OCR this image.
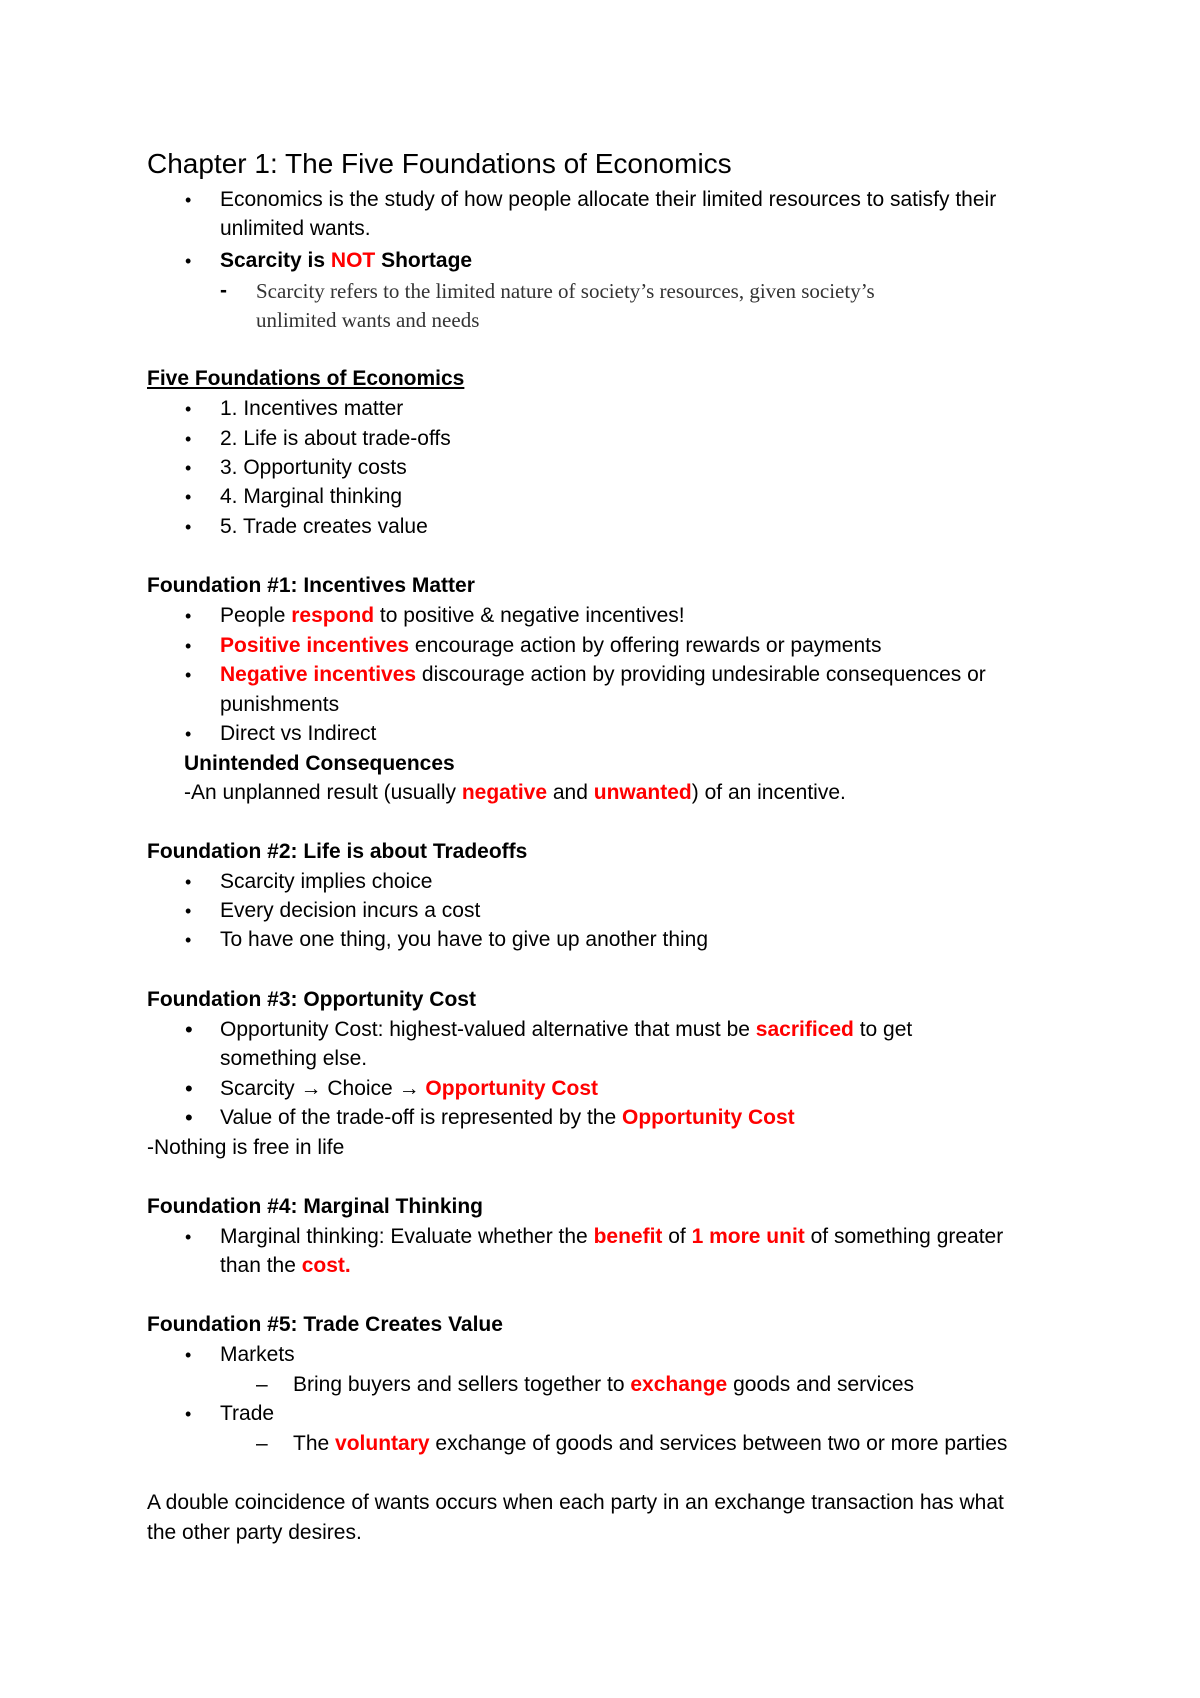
Chapter 1: The Five Foundations of Economics
• Economics is the study of how people allocate their limited resources to satisfy their
unlimited wants.
• Scarcity is NOT Shortage
- Scarcity refers to the limited nature of society’s resources, given society’s
unlimited wants and needs
Five Foundations of Economics
• 1. Incentives matter
• 2. Life is about trade-offs
• 3. Opportunity costs
• 4. Marginal thinking
• 5. Trade creates value
Foundation #1: Incentives Matter
• People respond to positive & negative incentives!
• Positive incentives encourage action by offering rewards or payments
• Negative incentives discourage action by providing undesirable consequences or
punishments
• Direct vs Indirect
Unintended Consequences
-An unplanned result (usually negative and unwanted) of an incentive.
Foundation #2: Life is about Tradeoffs
• Scarcity implies choice
• Every decision incurs a cost
• To have one thing, you have to give up another thing
Foundation #3: Opportunity Cost
• Opportunity Cost: highest-valued alternative that must be sacrificed to get
something else.
• Scarcity → Choice → Opportunity Cost
• Value of the trade-off is represented by the Opportunity Cost
-Nothing is free in life
Foundation #4: Marginal Thinking
• Marginal thinking: Evaluate whether the benefit of 1 more unit of something greater
than the cost.
Foundation #5: Trade Creates Value
• Markets
– Bring buyers and sellers together to exchange goods and services
• Trade
– The voluntary exchange of goods and services between two or more parties
A double coincidence of wants occurs when each party in an exchange transaction has what
the other party desires.
